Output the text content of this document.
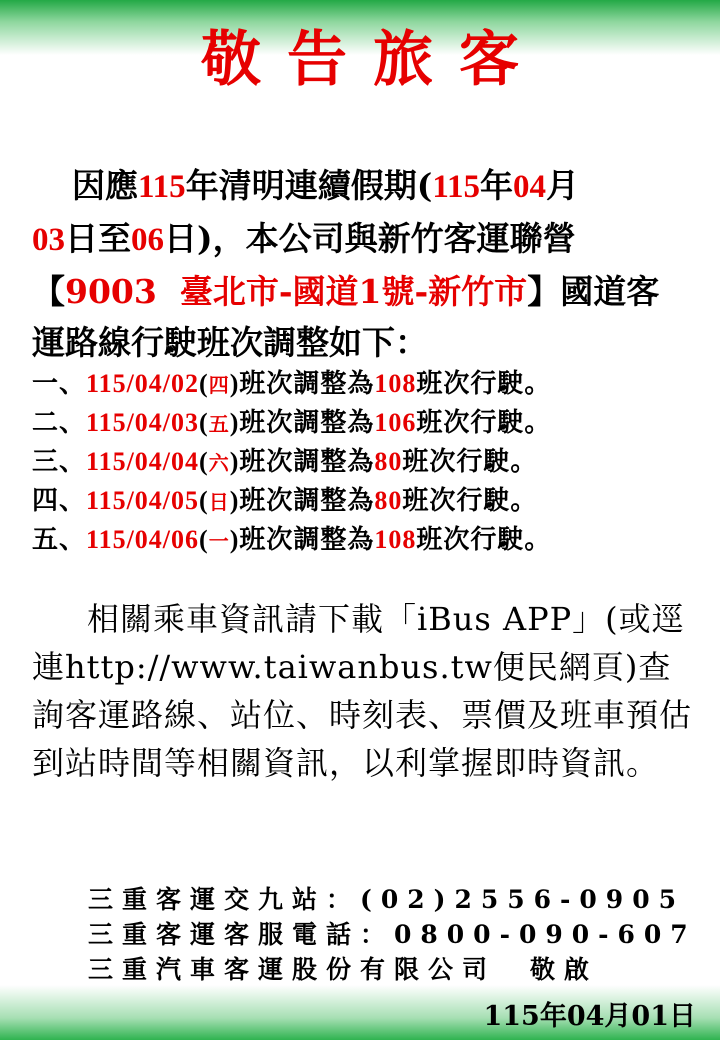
敬告旅客
因應115年清明連續假期(115年04月
03日至06日)，本公司與新竹客運聯營
【9003  臺北市-國道1號-新竹市】國道客運路線行駛班次調整如下：
一、115/04/02(四)班次調整為108班次行駛。
二、115/04/03(五)班次調整為106班次行駛。
三、115/04/04(六)班次調整為80班次行駛。
四、115/04/05(日)班次調整為80班次行駛。
五、115/04/06(一)班次調整為108班次行駛。
相關乘車資訊請下載「iBus APP」(或逕連http://www.taiwanbus.tw便民網頁)查詢客運路線、站位、時刻表、票價及班車預估到站時間等相關資訊，以利掌握即時資訊。
三重客運交九站：(02)2556-0905
三重客運客服電話：0800-090-607
三重汽車客運股份有限公司　敬啟
115年04月01日
